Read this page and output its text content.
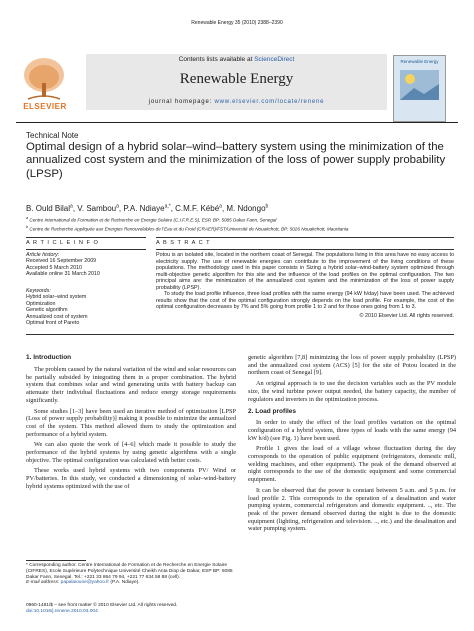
Renewable Energy 35 (2010) 2388–2390
ELSEVIER
Contents lists available at ScienceDirect
Renewable Energy
journal homepage: www.elsevier.com/locate/renene
Renewable Energy
Technical Note
Optimal design of a hybrid solar–wind–battery system using the minimization of the annualized cost system and the minimization of the loss of power supply probability (LPSP)
B. Ould Bilal$^a$, V. Sambou$^a$, P.A. Ndiaye$^{a,*}$, C.M.F. Kébé$^a$, M. Ndongo$^b$
$^a$ Centre International de Formation et de Recherche en Energie Solaire (C.I.F.R.E.S), ESP, BP: 5085 Dakar Fann, Senegal
$^b$ Centre de Recherche Appliquée aux Energies Renouvelables de l’Eau et du Froid (CRAER)/FST/Université de Nouakchott, BP: 5026 Nouakchott, Mauritania
A R T I C L E I N F O	A B S T R A C T
Article history:
Received 16 September 2009
Accepted 5 March 2010
Available online 31 March 2010
Keywords:
Hybrid solar–wind system
Optimization
Genetic algorithm
Annualized cost of system
Optimal front of Pareto
Potou is an isolated site, located in the northern coast of Senegal. The populations living in this area have no easy access to electricity supply. The use of renewable energies can contribute to the improvement of the living conditions of these populations. The methodology used in this paper consists in Sizing a hybrid solar–wind-battery system optimized through multi-objective genetic algorithm for this site and the influence of the load profiles on the optimal configuration. The two principal aims are: the minimization of the annualized cost system and the minimization of the loss of power supply probability (LPSP).
To study the load profile influence, three load profiles with the same energy (94 kW h/day) have been used. The achieved results show that the cost of the optimal configuration strongly depends on the load profile. For example, the cost of the optimal configuration decreases by 7% and 5% going from profile 1 to 2 and for those ones going from 1 to 3.
© 2010 Elsevier Ltd. All rights reserved.
1. Introduction

The problem caused by the natural variation of the wind and solar resources can be partially subsided by integrating them in a proper combination. The hybrid system that combines solar and wind generating units with battery backup can attenuate their individual fluctuations and reduce energy storage requirements significantly.

Some studies [1–3] have been used an iterative method of optimization [LPSP (Loss of power supply probability)] making it possible to minimize the annualized cost of the system. This method allowed them to study the optimization and performance of a hybrid system.

We can also quote the work of [4–6] which made it possible to study the performance of the hybrid systems by using genetic algorithms with a single objective. The optimal configuration was calculated with better costs.

These works used hybrid systems with two components PV/ Wind or PV/batteries. In this study, we conducted a dimensioning of solar–wind-battery hybrid systems optimized with the use of

genetic algorithm [7,8] minimizing the loss of power supply probability (LPSP) and the annualized cost system (ACS) [5] for the site of Potou located in the northern coast of Senegal [9].

An original approach is to use the decision variables such as the PV module size, the wind turbine power output needed, the battery capacity, the number of regulators and inverters in the optimization process.

2. Load profiles

In order to study the effect of the load profiles variation on the optimal configuration of a hybrid system, three types of loads with the same energy (94 kW h/d) (see Fig. 1) have been used.

Profile 1 gives the load of a village whose fluctuation during the day corresponds to the operation of public equipment (refrigerators, domestic mill, welding machines, and other equipment). The peak of the demand observed at night corresponds to the use of the domestic equipment and some commercial equipment.

It can be observed that the power is constant between 5 a.m. and 5 p.m. for load profile 2. This corresponds to the operation of a desalination and water pumping system, commercial refrigerators and domestic equipment. .., etc. The peak of the power demand observed during the night is due to the domestic equipment (lighting, refrigeration and television. .., etc.) and the desalination and water pumping system.

* Corresponding author. Centre International de Formation et de Recherche en Energie Solaire (CIFRES), Ecole Supérieure Polytechnique Université Cheikh Anta Diop de Dakar, ESP BP: 5085 Dakar Fann, Senegal. Tel.: +221 33 864 79 94, +221 77 634 58 88 (cell).
E-mail address: papalaioune@yahoo.fr (P.A. Ndiaye).
0960-1481/$ – see front matter © 2010 Elsevier Ltd. All rights reserved.
doi:10.1016/j.renene.2010.03.004
